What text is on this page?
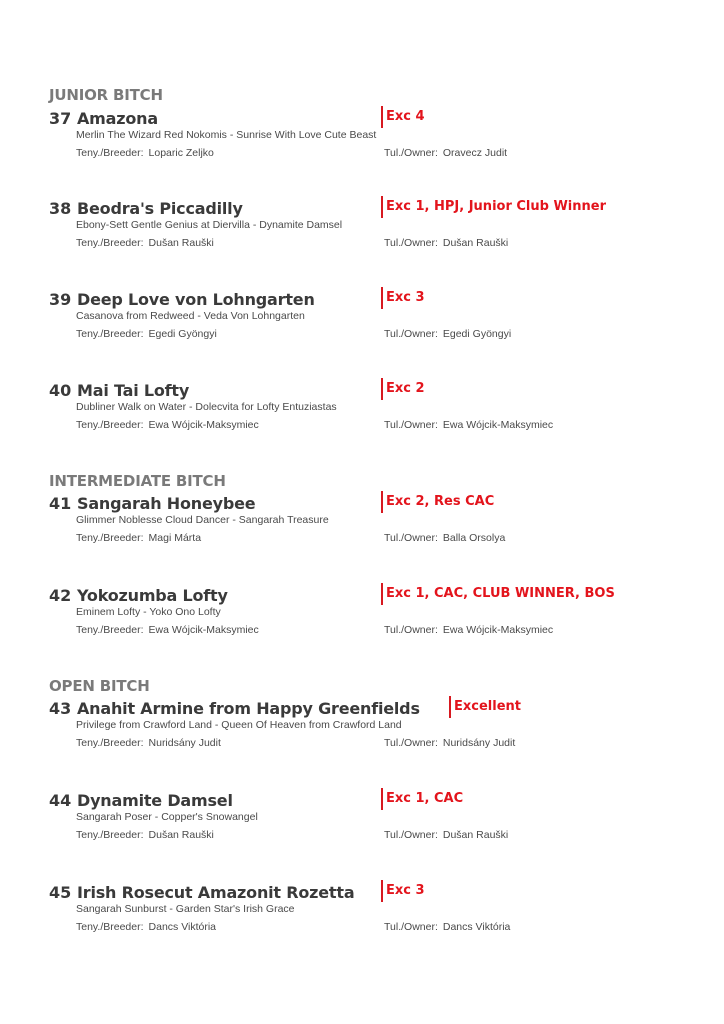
JUNIOR BITCH
37 Amazona	Exc 4
Merlin The Wizard Red Nokomis - Sunrise With Love Cute Beast
Teny./Breeder: Loparic Zeljko	Tul./Owner: Oravecz Judit
38 Beodra's Piccadilly	Exc 1, HPJ, Junior Club Winner
Ebony-Sett Gentle Genius at Diervilla - Dynamite Damsel
Teny./Breeder: Dušan Rauški	Tul./Owner: Dušan Rauški
39 Deep Love von Lohngarten	Exc 3
Casanova from Redweed - Veda Von Lohngarten
Teny./Breeder: Egedi Gyöngyi	Tul./Owner: Egedi Gyöngyi
40 Mai Tai Lofty	Exc 2
Dubliner Walk on Water - Dolecvita for Lofty Entuziastas
Teny./Breeder: Ewa Wójcik-Maksymiec	Tul./Owner: Ewa Wójcik-Maksymiec
INTERMEDIATE BITCH
41 Sangarah Honeybee	Exc 2, Res CAC
Glimmer Noblesse Cloud Dancer - Sangarah Treasure
Teny./Breeder: Magi Márta	Tul./Owner: Balla Orsolya
42 Yokozumba Lofty	Exc 1, CAC, CLUB WINNER, BOS
Eminem Lofty - Yoko Ono Lofty
Teny./Breeder: Ewa Wójcik-Maksymiec	Tul./Owner: Ewa Wójcik-Maksymiec
OPEN BITCH
43 Anahit Armine from Happy Greenfields	Excellent
Privilege from Crawford Land - Queen Of Heaven from Crawford Land
Teny./Breeder: Nuridsány Judit	Tul./Owner: Nuridsány Judit
44 Dynamite Damsel	Exc 1, CAC
Sangarah Poser - Copper's Snowangel
Teny./Breeder: Dušan Rauški	Tul./Owner: Dušan Rauški
45 Irish Rosecut Amazonit Rozetta	Exc 3
Sangarah Sunburst - Garden Star's Irish Grace
Teny./Breeder: Dancs Viktória	Tul./Owner: Dancs Viktória
